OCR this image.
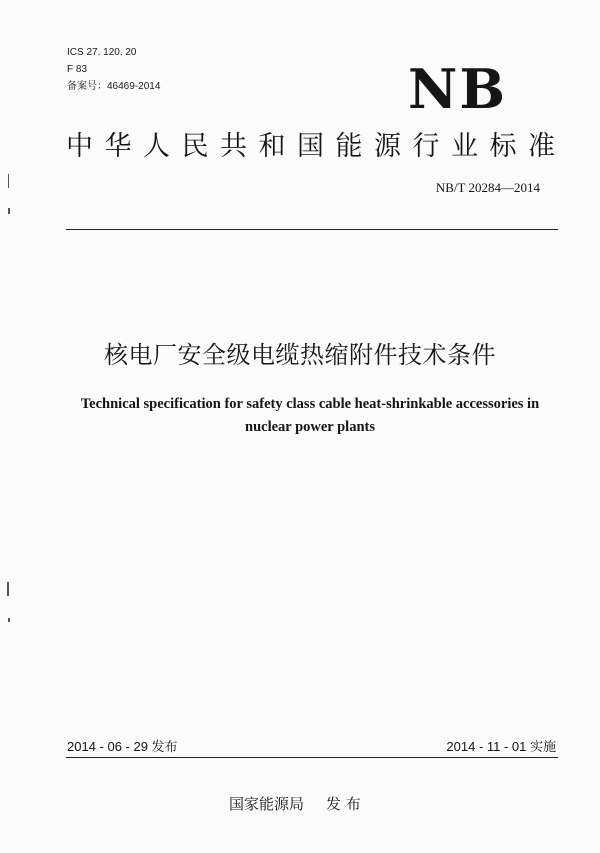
ICS 27. 120. 20
F 83
备案号：46469-2014	NB
中华人民共和国能源行业标准
NB/T 20284—2014
核电厂安全级电缆热缩附件技术条件
Technical specification for safety class cable heat-shrinkable accessories in
nuclear power plants
2014 - 06 - 29 发布	2014 - 11 - 01 实施
国家能源局 发 布
